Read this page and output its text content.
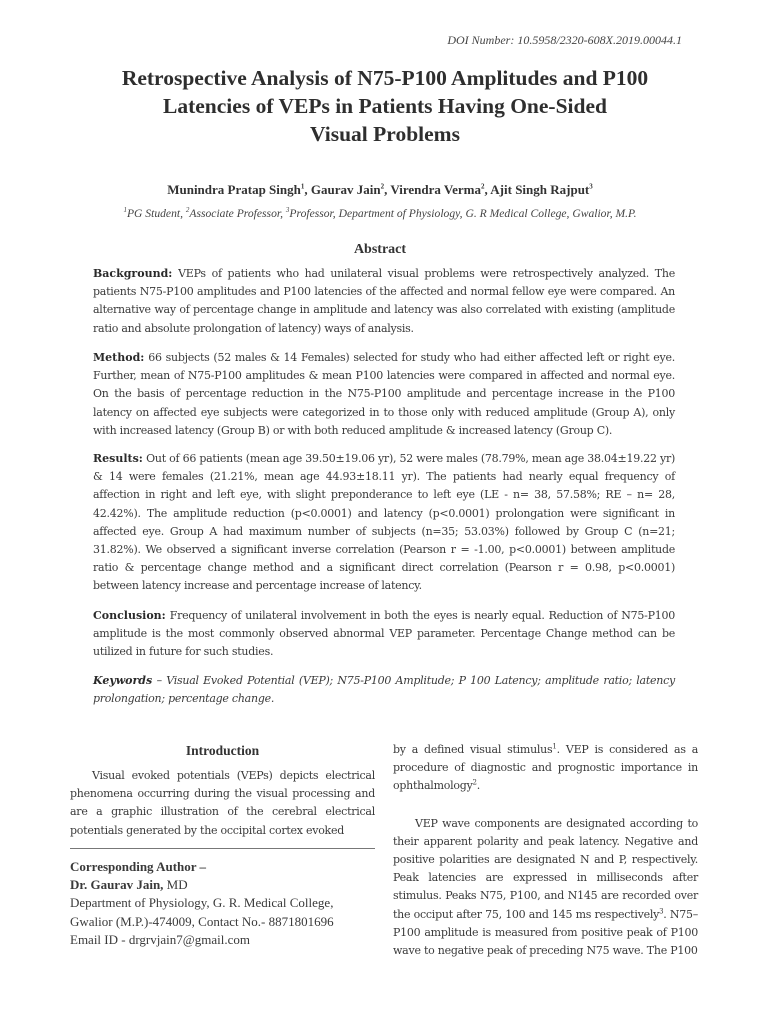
DOI Number: 10.5958/2320-608X.2019.00044.1
Retrospective Analysis of N75-P100 Amplitudes and P100
Latencies of VEPs in Patients Having One-Sided
Visual Problems
Munindra Pratap Singh$^1$, Gaurav Jain$^2$, Virendra Verma$^2$, Ajit Singh Rajput$^3$
$^1$PG Student, $^2$Associate Professor, $^3$Professor, Department of Physiology, G. R Medical College, Gwalior, M.P.
Abstract

Background: VEPs of patients who had unilateral visual problems were retrospectively analyzed. The patients N75-P100 amplitudes and P100 latencies of the affected and normal fellow eye were compared. An alternative way of percentage change in amplitude and latency was also correlated with existing (amplitude ratio and absolute prolongation of latency) ways of analysis.

Method: 66 subjects (52 males & 14 Females) selected for study who had either affected left or right eye. Further, mean of N75-P100 amplitudes & mean P100 latencies were compared in affected and normal eye. On the basis of percentage reduction in the N75-P100 amplitude and percentage increase in the P100 latency on affected eye subjects were categorized in to those only with reduced amplitude (Group A), only with increased latency (Group B) or with both reduced amplitude & increased latency (Group C).

Results: Out of 66 patients (mean age 39.50±19.06 yr), 52 were males (78.79%, mean age 38.04±19.22 yr) & 14 were females (21.21%, mean age 44.93±18.11 yr). The patients had nearly equal frequency of affection in right and left eye, with slight preponderance to left eye (LE - n= 38, 57.58%; RE – n= 28, 42.42%). The amplitude reduction (p<0.0001) and latency (p<0.0001) prolongation were significant in affected eye. Group A had maximum number of subjects (n=35; 53.03%) followed by Group C (n=21; 31.82%). We observed a significant inverse correlation (Pearson r = -1.00, p<0.0001) between amplitude ratio & percentage change method and a significant direct correlation (Pearson r = 0.98, p<0.0001) between latency increase and percentage increase of latency.

Conclusion: Frequency of unilateral involvement in both the eyes is nearly equal. Reduction of N75-P100 amplitude is the most commonly observed abnormal VEP parameter. Percentage Change method can be utilized in future for such studies.

Keywords – Visual Evoked Potential (VEP); N75-P100 Amplitude; P 100 Latency; amplitude ratio; latency prolongation; percentage change.

Introduction

Visual evoked potentials (VEPs) depicts electrical phenomena occurring during the visual processing and are a graphic illustration of the cerebral electrical potentials generated by the occipital cortex evoked

Corresponding Author –
Dr. Gaurav Jain, MD
Department of Physiology, G. R. Medical College,
Gwalior (M.P.)-474009, Contact No.- 8871801696
Email ID - drgrvjain7@gmail.com

by a defined visual stimulus$^1$. VEP is considered as a procedure of diagnostic and prognostic importance in ophthalmology$^2$.

VEP wave components are designated according to their apparent polarity and peak latency. Negative and positive polarities are designated N and P, respectively. Peak latencies are expressed in milliseconds after stimulus. Peaks N75, P100, and N145 are recorded over the occiput after 75, 100 and 145 ms respectively$^3$. N75–P100 amplitude is measured from positive peak of P100 wave to negative peak of preceding N75 wave. The P100
